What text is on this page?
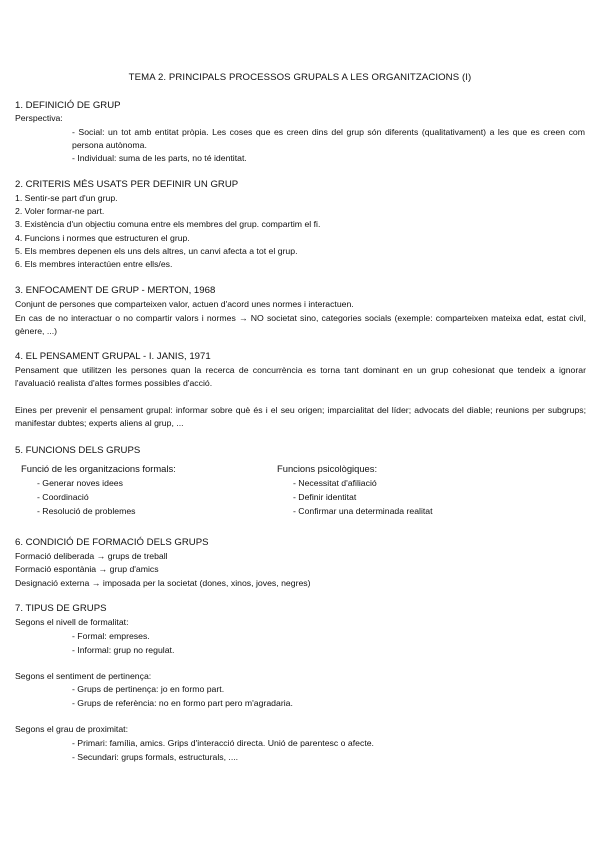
TEMA 2. PRINCIPALS PROCESSOS GRUPALS A LES ORGANITZACIONS (I)
1. DEFINICIÓ DE GRUP
Perspectiva:
- Social: un tot amb entitat pròpia. Les coses que es creen dins del grup són diferents (qualitativament) a les que es creen com persona autònoma.
- Individual: suma de les parts, no té identitat.
2. CRITERIS MÉS USATS PER DEFINIR UN GRUP
1. Sentir-se part d'un grup.
2. Voler formar-ne part.
3. Existència d'un objectiu comuna entre els membres del grup. compartim el fi.
4. Funcions i normes que estructuren el grup.
5. Els membres depenen els uns dels altres, un canvi afecta a tot el grup.
6. Els membres interactúen entre ells/es.
3. ENFOCAMENT DE GRUP - MERTON, 1968
Conjunt de persones que comparteixen valor, actuen d'acord unes normes i interactuen.
En cas de no interactuar o no compartir valors i normes → NO societat sino, categories socials (exemple: comparteixen mateixa edat, estat civil, gènere, ...)
4. EL PENSAMENT GRUPAL - I. JANIS, 1971
Pensament que utilitzen les persones quan la recerca de concurrència es torna tant dominant en un grup cohesionat que tendeix a ignorar l'avaluació realista d'altes formes possibles d'acció.
Eines per prevenir el pensament grupal: informar sobre què és i el seu origen; imparcialitat del líder; advocats del diable; reunions per subgrups; manifestar dubtes; experts aliens al grup, ...
5. FUNCIONS DELS GRUPS
Funció de les organitzacions formals:
- Generar noves idees
- Coordinació
- Resolució de problemes
Funcions psicològiques:
- Necessitat d'afiliació
- Definir identitat
- Confirmar una determinada realitat
6. CONDICIÓ DE FORMACIÓ DELS GRUPS
Formació deliberada → grups de treball
Formació espontània → grup d'amics
Designació externa → imposada per la societat (dones, xinos, joves, negres)
7. TIPUS DE GRUPS
Segons el nivell de formalitat:
- Formal: empreses.
- Informal: grup no regulat.
Segons el sentiment de pertinença:
- Grups de pertinença: jo en formo part.
- Grups de referència: no en formo part pero m'agradaria.
Segons el grau de proximitat:
- Primari: família, amics. Grips d'interacció directa. Unió de parentesc o afecte.
- Secundari: grups formals, estructurals, ....
